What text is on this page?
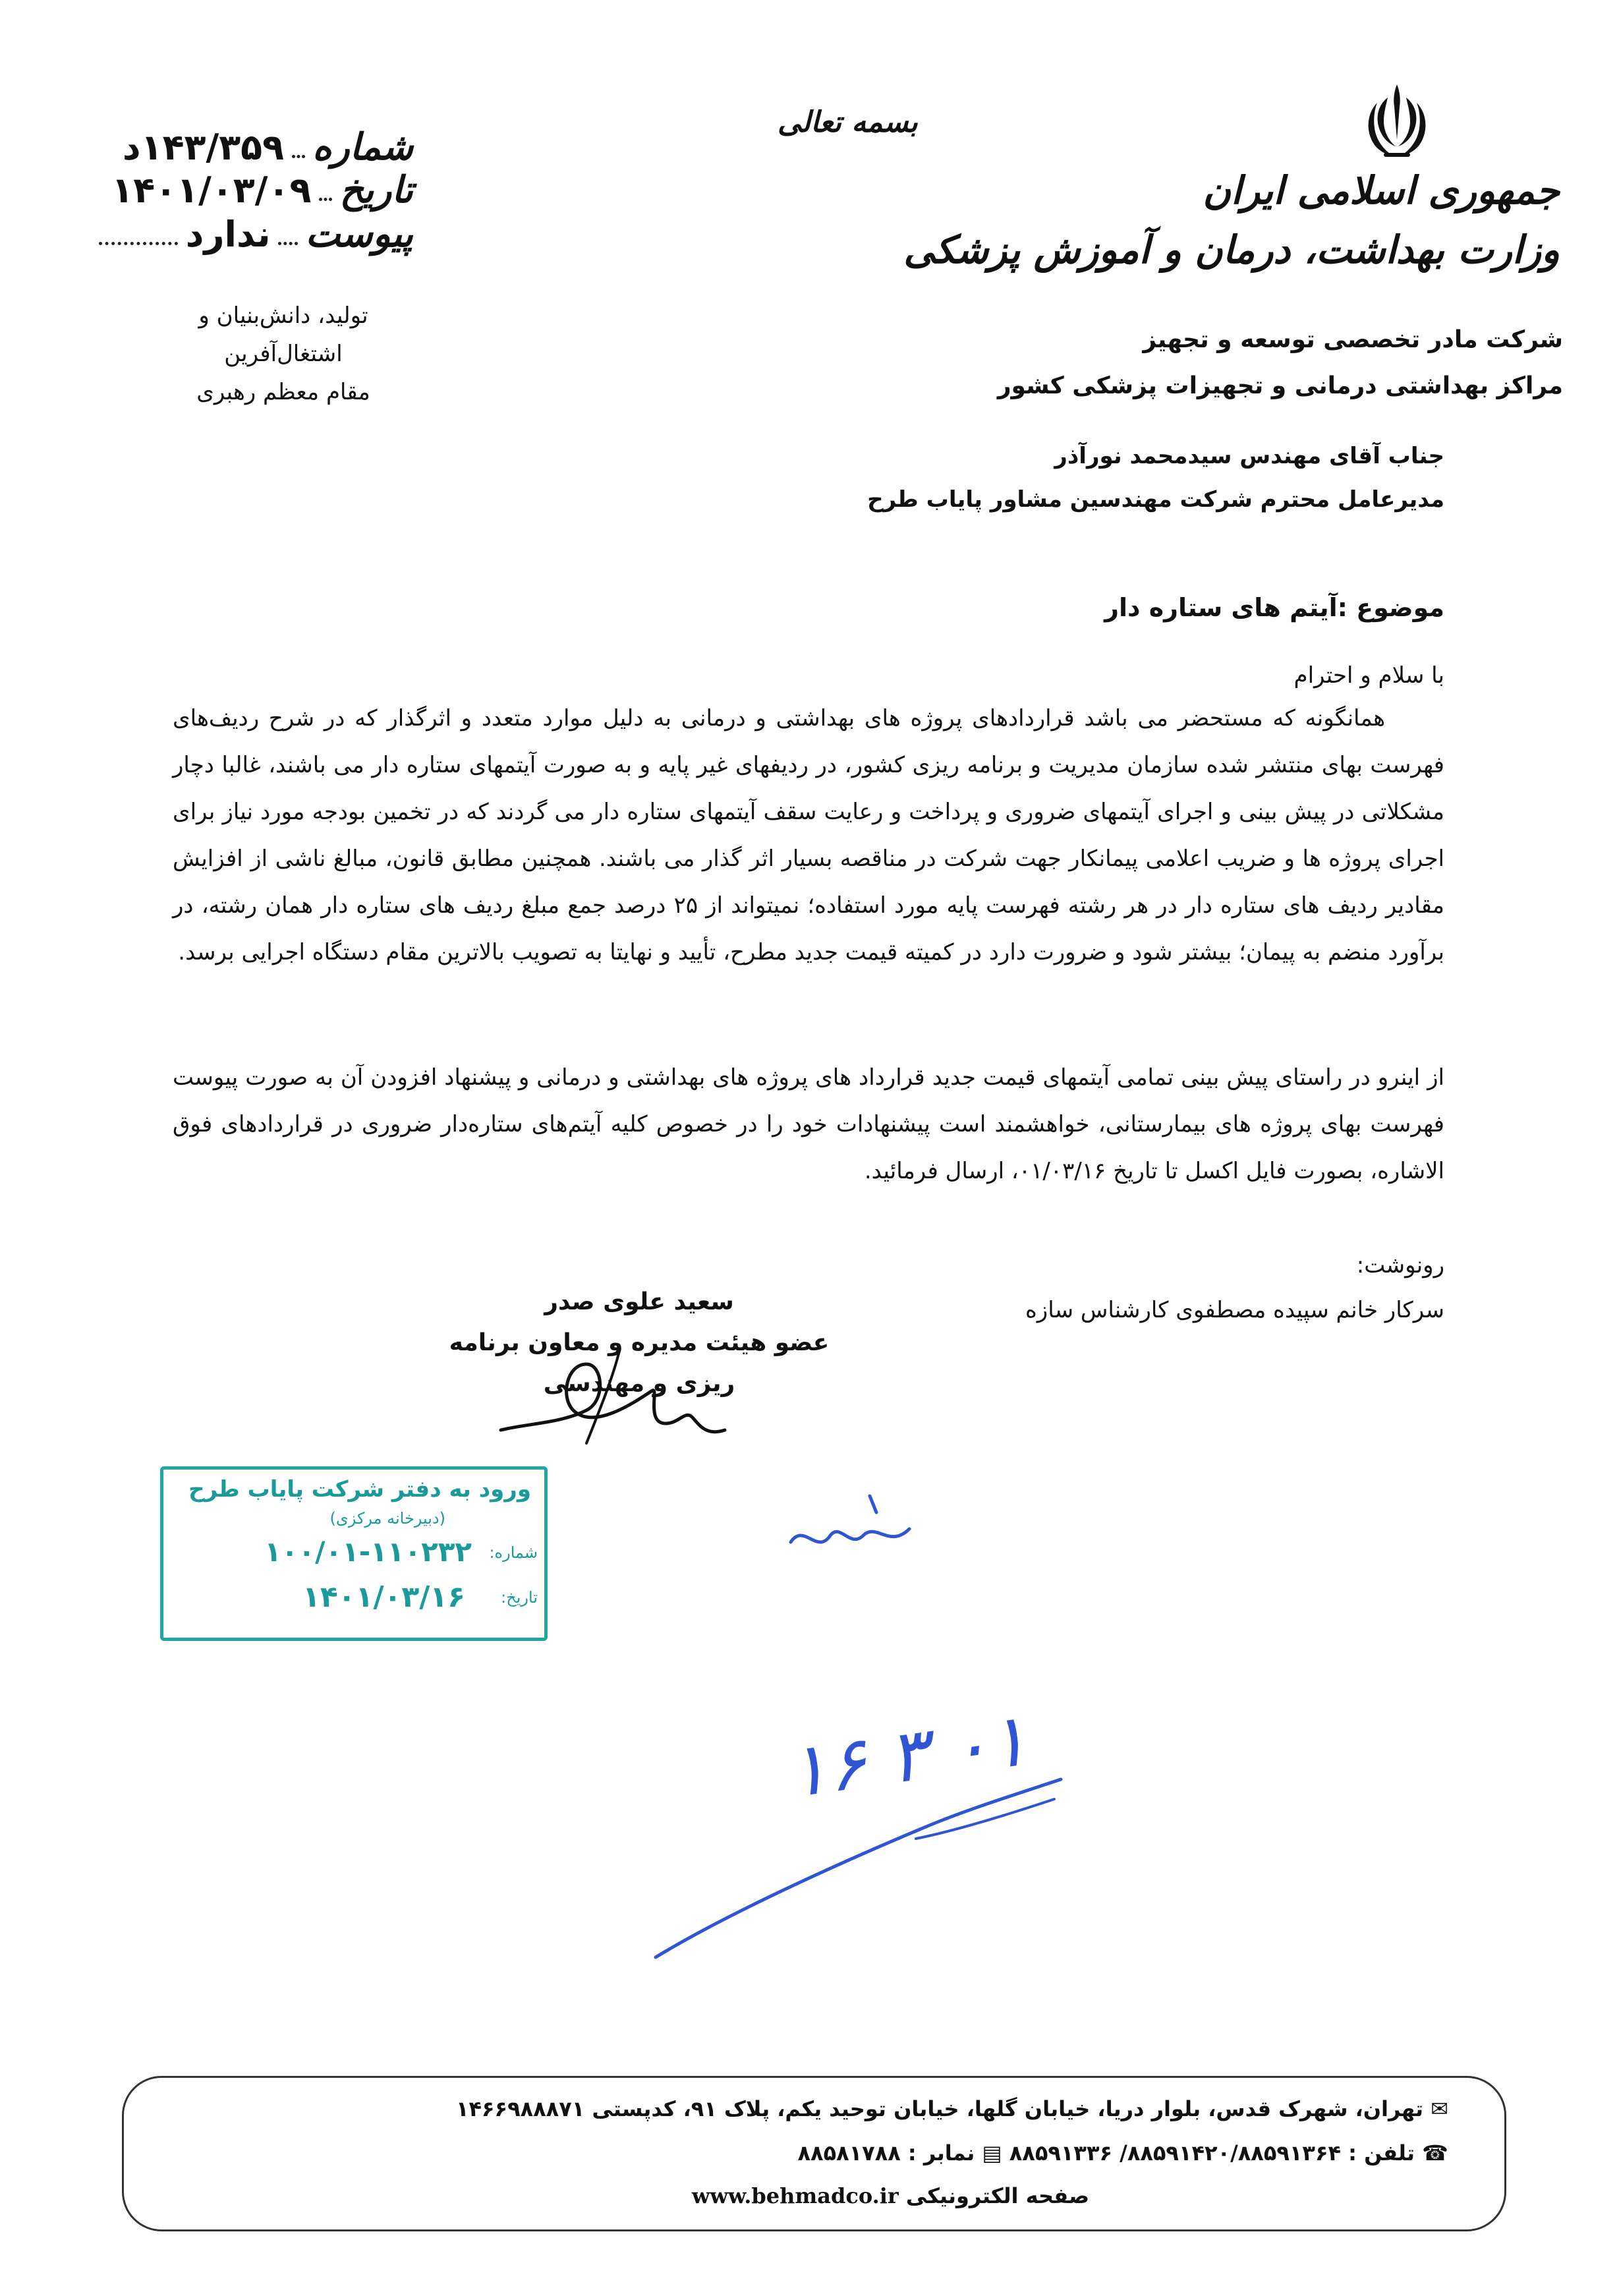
شماره  ۱۴۳/۳۵۹د
تاریخ  ۱۴۰۱/۰۳/۰۹
پیوست  ندارد
تولید، دانش‌بنیان و اشتغال‌آفرین
مقام معظم رهبری
بسمه تعالی
جمهوری اسلامی ایران
وزارت بهداشت، درمان و آموزش پزشکی
شرکت مادر تخصصی توسعه و تجهیز
مراکز بهداشتی درمانی و تجهیزات پزشکی کشور
جناب آقای مهندس سیدمحمد نورآذر
مدیرعامل محترم شرکت مهندسین مشاور پایاب طرح
موضوع :آیتم های ستاره دار
با سلام و احترام
همانگونه که مستحضر می باشد قراردادهای پروژه های بهداشتی و درمانی به دلیل موارد متعدد و اثرگذار که در شرح ردیف‌های فهرست بهای منتشر شده سازمان مدیریت و برنامه ریزی کشور، در ردیفهای غیر پایه و به صورت آیتمهای ستاره دار می باشند، غالبا دچار مشکلاتی در پیش بینی و اجرای آیتمهای ضروری و پرداخت و رعایت سقف آیتمهای ستاره دار می گردند که در تخمین بودجه مورد نیاز برای اجرای پروژه ها و ضریب اعلامی پیمانکار جهت شرکت در مناقصه بسیار اثر گذار می باشند. همچنین مطابق قانون، مبالغ ناشی از افزایش مقادیر ردیف های ستاره دار در هر رشته فهرست پایه مورد استفاده؛ نمیتواند از ۲۵ درصد جمع مبلغ ردیف های ستاره دار همان رشته، در برآورد منضم به پیمان؛ بیشتر شود و ضرورت دارد در کمیته قیمت جدید مطرح، تأیید و نهایتا به تصویب بالاترین مقام دستگاه اجرایی برسد.
از اینرو در راستای پیش بینی تمامی آیتمهای قیمت جدید قرارداد های پروژه های بهداشتی و درمانی و پیشنهاد افزودن آن به صورت پیوست فهرست بهای پروژه های بیمارستانی، خواهشمند است پیشنهادات خود را در خصوص کلیه آیتم‌های ستاره‌دار ضروری در قراردادهای فوق الاشاره، بصورت فایل اکسل تا تاریخ ۰۱/۰۳/۱۶، ارسال فرمائید.
سعید علوی صدر
عضو هیئت مدیره و معاون برنامه ریزی و مهندسی
رونوشت:
سرکار خانم سپیده مصطفوی کارشناس سازه
ورود به دفتر شرکت پایاب طرح
(دبیرخانه مرکزی)
شماره:
۱۰۰/۰۱-۱۱۰۲۳۲
تاریخ:
۱۴۰۱/۰۳/۱۶
۱۶ ۳ ۰۱
✉ تهران، شهرک قدس، بلوار دریا، خیابان گلها، خیابان توحید یکم، پلاک ۹۱، کدپستی ۱۴۶۶۹۸۸۸۷۱
☎ تلفن : ۸۸۵۹۱۴۲۰/۸۸۵۹۱۳۶۴/ ۸۸۵۹۱۳۳۶ ▤ نمابر : ۸۸۵۸۱۷۸۸
صفحه الکترونیکی www.behmadco.ir
